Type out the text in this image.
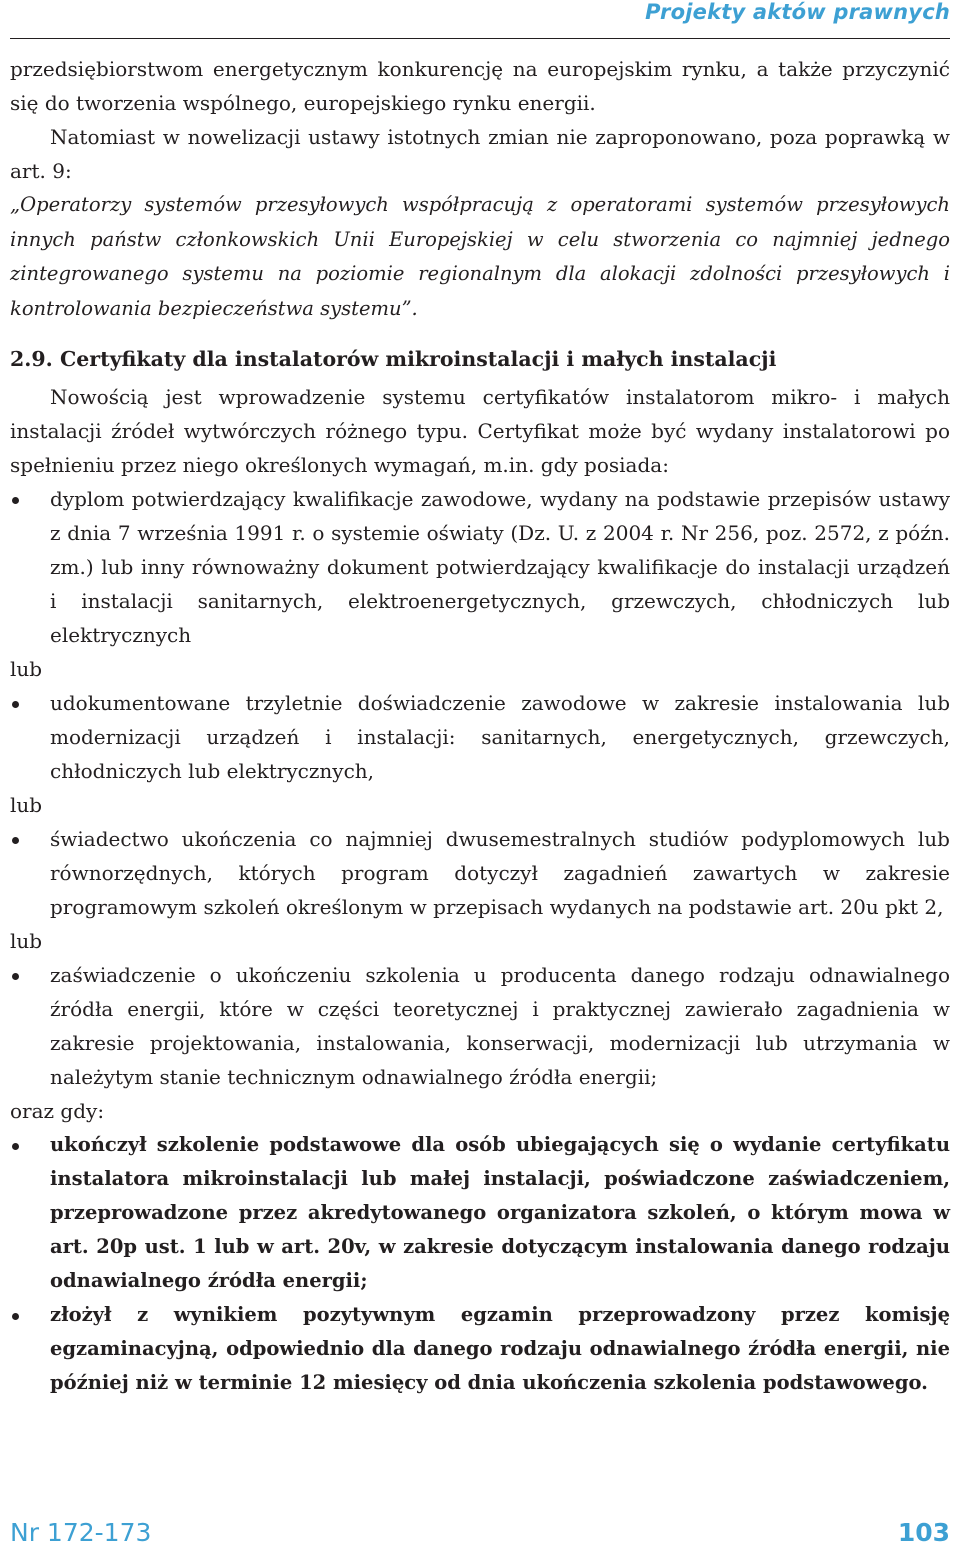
Projekty aktów prawnych

przedsiębiorstwom energetycznym konkurencję na europejskim rynku, a także przyczynić się do tworzenia wspólnego, europejskiego rynku energii.

Natomiast w nowelizacji ustawy istotnych zmian nie zaproponowano, poza poprawką w art. 9:

„Operatorzy systemów przesyłowych współpracują z operatorami systemów przesyłowych innych państw członkowskich Unii Europejskiej w celu stworzenia co najmniej jednego zintegrowanego systemu na poziomie regionalnym dla alokacji zdolności przesyłowych i kontrolowania bezpieczeństwa systemu”.

2.9. Certyfikaty dla instalatorów mikroinstalacji i małych instalacji

Nowością jest wprowadzenie systemu certyfikatów instalatorom mikro- i małych instalacji źródeł wytwórczych różnego typu. Certyfikat może być wydany instalatorowi po spełnieniu przez niego określonych wymagań, m.in. gdy posiada:

dyplom potwierdzający kwalifikacje zawodowe, wydany na podstawie przepisów ustawy z dnia 7 września 1991 r. o systemie oświaty (Dz. U. z 2004 r. Nr 256, poz. 2572, z późn. zm.) lub inny równoważny dokument potwierdzający kwalifikacje do instalacji urządzeń i instalacji sanitarnych, elektroenergetycznych, grzewczych, chłodniczych lub elektrycznych

lub

udokumentowane trzyletnie doświadczenie zawodowe w zakresie instalowania lub modernizacji urządzeń i instalacji: sanitarnych, energetycznych, grzewczych, chłodniczych lub elektrycznych,

lub

świadectwo ukończenia co najmniej dwusemestralnych studiów podyplomowych lub równorzędnych, których program dotyczył zagadnień zawartych w zakresie programowym szkoleń określonym w przepisach wydanych na podstawie art. 20u pkt 2,

lub

zaświadczenie o ukończeniu szkolenia u producenta danego rodzaju odnawialnego źródła energii, które w części teoretycznej i praktycznej zawierało zagadnienia w zakresie projektowania, instalowania, konserwacji, modernizacji lub utrzymania w należytym stanie technicznym odnawialnego źródła energii;

oraz gdy:

ukończył szkolenie podstawowe dla osób ubiegających się o wydanie certyfikatu instalatora mikroinstalacji lub małej instalacji, poświadczone zaświadczeniem, przeprowadzone przez akredytowanego organizatora szkoleń, o którym mowa w art. 20p ust. 1 lub w art. 20v, w zakresie dotyczącym instalowania danego rodzaju odnawialnego źródła energii;
złożył z wynikiem pozytywnym egzamin przeprowadzony przez komisję egzaminacyjną, odpowiednio dla danego rodzaju odnawialnego źródła energii, nie później niż w terminie 12 miesięcy od dnia ukończenia szkolenia podstawowego.
Nr 172-173	103
